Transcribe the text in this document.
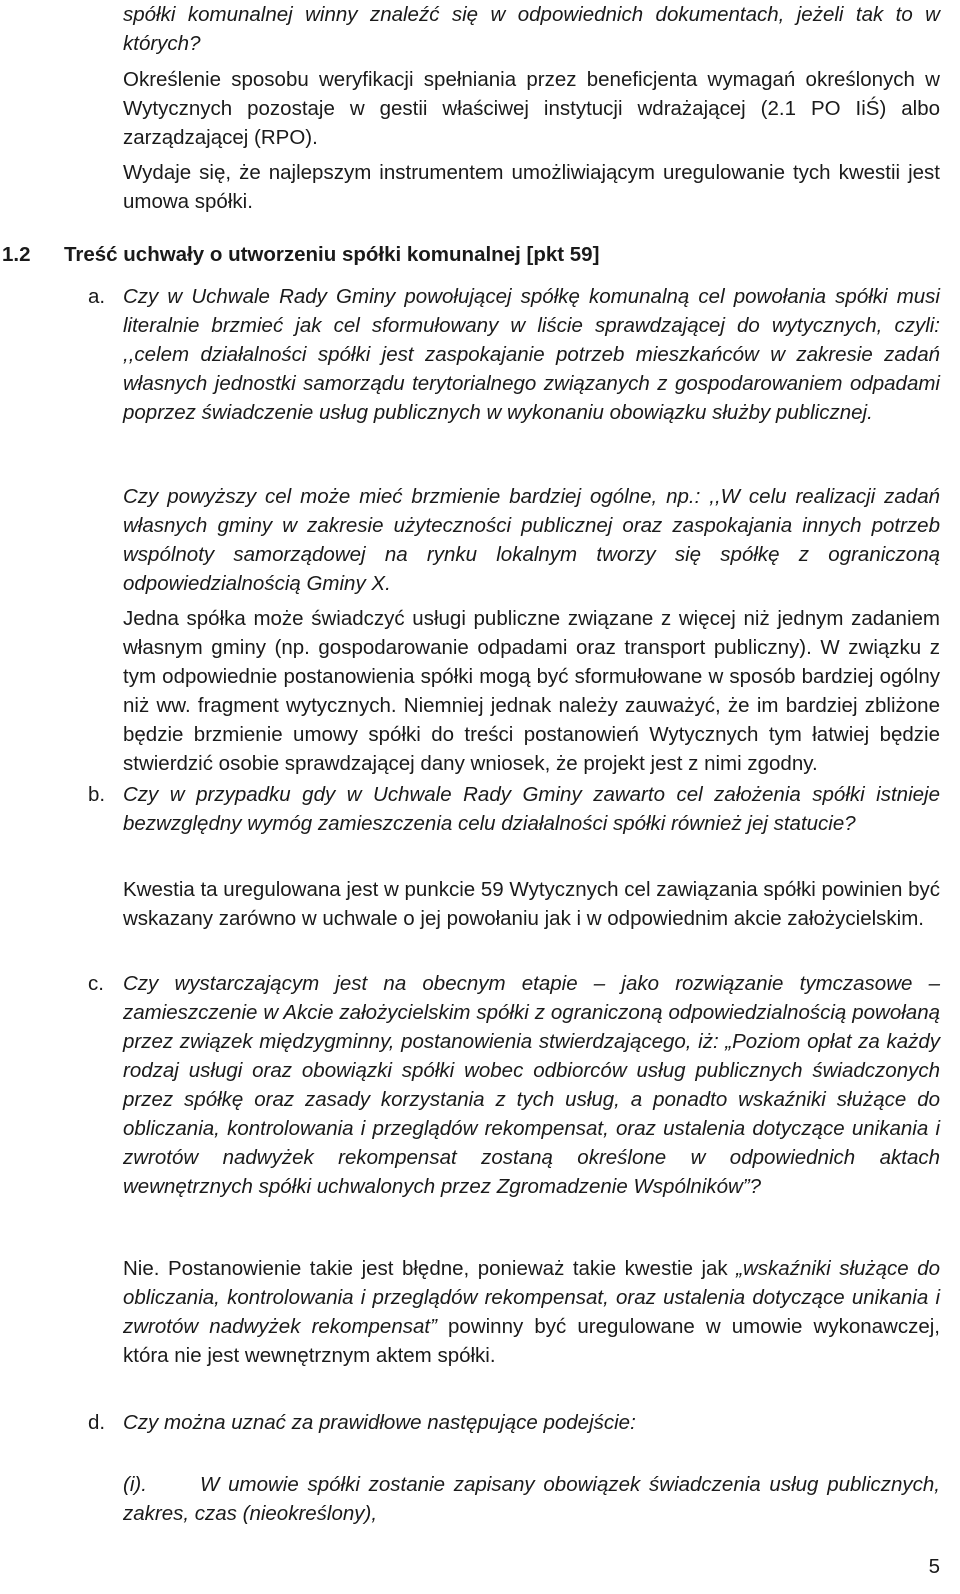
spółki komunalnej winny znaleźć się w odpowiednich dokumentach, jeżeli tak to w których?

Określenie sposobu weryfikacji spełniania przez beneficjenta wymagań określonych w Wytycznych pozostaje w gestii właściwej instytucji wdrażającej (2.1 PO IiŚ) albo zarządzającej (RPO).

Wydaje się, że najlepszym instrumentem umożliwiającym uregulowanie tych kwestii jest umowa spółki.

1.2 Treść uchwały o utworzeniu spółki komunalnej [pkt 59]
a. Czy w Uchwale Rady Gminy powołującej spółkę komunalną cel powołania spółki musi literalnie brzmieć jak cel sformułowany w liście sprawdzającej do wytycznych, czyli: ,,celem działalności spółki jest zaspokajanie potrzeb mieszkańców w zakresie zadań własnych jednostki samorządu terytorialnego związanych z gospodarowaniem odpadami poprzez świadczenie usług publicznych w wykonaniu obowiązku służby publicznej.

Czy powyższy cel może mieć brzmienie bardziej ogólne, np.: ,,W celu realizacji zadań własnych gminy w zakresie użyteczności publicznej oraz zaspokajania innych potrzeb wspólnoty samorządowej na rynku lokalnym tworzy się spółkę z ograniczoną odpowiedzialnością Gminy X.

Jedna spółka może świadczyć usługi publiczne związane z więcej niż jednym zadaniem własnym gminy (np. gospodarowanie odpadami oraz transport publiczny). W związku z tym odpowiednie postanowienia spółki mogą być sformułowane w sposób bardziej ogólny niż ww. fragment wytycznych. Niemniej jednak należy zauważyć, że im bardziej zbliżone będzie brzmienie umowy spółki do treści postanowień Wytycznych tym łatwiej będzie stwierdzić osobie sprawdzającej dany wniosek, że projekt jest z nimi zgodny.

b. Czy w przypadku gdy w Uchwale Rady Gminy zawarto cel założenia spółki istnieje bezwzględny wymóg zamieszczenia celu działalności spółki również jej statucie?

Kwestia ta uregulowana jest w punkcie 59 Wytycznych cel zawiązania spółki powinien być wskazany zarówno w uchwale o jej powołaniu jak i w odpowiednim akcie założycielskim.

c. Czy wystarczającym jest na obecnym etapie – jako rozwiązanie tymczasowe – zamieszczenie w Akcie założycielskim spółki z ograniczoną odpowiedzialnością powołaną przez związek międzygminny, postanowienia stwierdzającego, iż: „Poziom opłat za każdy rodzaj usługi oraz obowiązki spółki wobec odbiorców usług publicznych świadczonych przez spółkę oraz zasady korzystania z tych usług, a ponadto wskaźniki służące do obliczania, kontrolowania i przeglądów rekompensat, oraz ustalenia dotyczące unikania i zwrotów nadwyżek rekompensat zostaną określone w odpowiednich aktach wewnętrznych spółki uchwalonych przez Zgromadzenie Wspólników”?

Nie. Postanowienie takie jest błędne, ponieważ takie kwestie jak „wskaźniki służące do obliczania, kontrolowania i przeglądów rekompensat, oraz ustalenia dotyczące unikania i zwrotów nadwyżek rekompensat” powinny być uregulowane w umowie wykonawczej, która nie jest wewnętrznym aktem spółki.

d. Czy można uznać za prawidłowe następujące podejście:

(i).	W umowie spółki zostanie zapisany obowiązek świadczenia usług publicznych, zakres, czas (nieokreślony),

5
